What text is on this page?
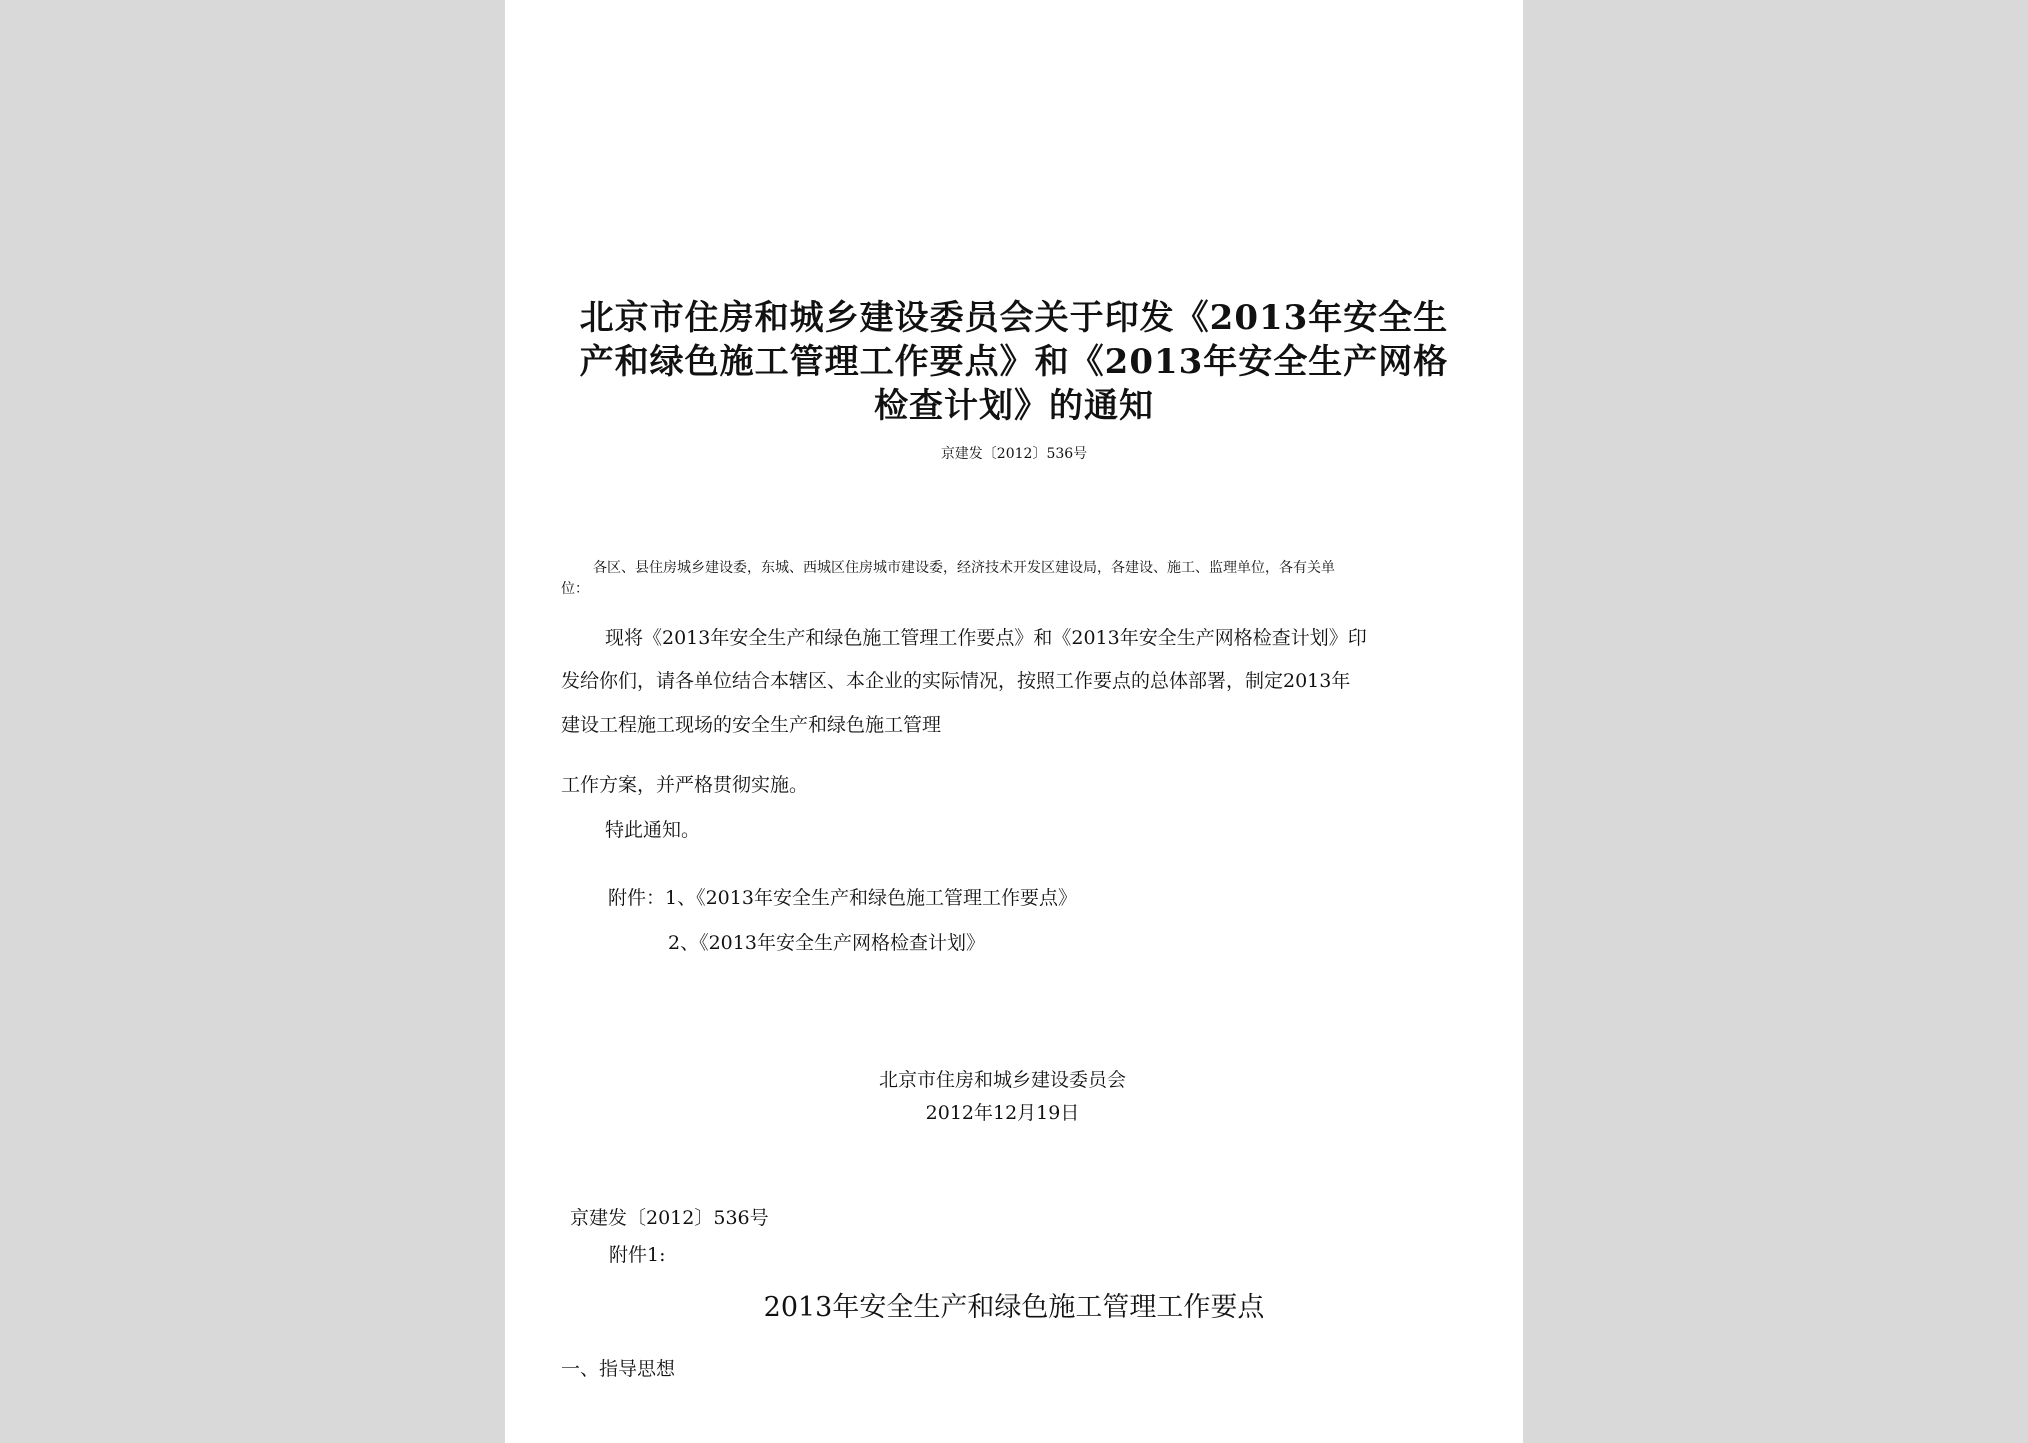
北京市住房和城乡建设委员会关于印发《2013年安全生
产和绿色施工管理工作要点》和《2013年安全生产网格
检查计划》的通知
京建发〔2012〕536号
各区、县住房城乡建设委，东城、西城区住房城市建设委，经济技术开发区建设局，各建设、施工、监理单位，各有关单
位：
现将《2013年安全生产和绿色施工管理工作要点》和《2013年安全生产网格检查计划》印
发给你们，请各单位结合本辖区、本企业的实际情况，按照工作要点的总体部署，制定2013年
建设工程施工现场的安全生产和绿色施工管理
工作方案，并严格贯彻实施。
特此通知。
附件：1、《2013年安全生产和绿色施工管理工作要点》
2、《2013年安全生产网格检查计划》
北京市住房和城乡建设委员会
2012年12月19日
京建发〔2012〕536号
附件1:
2013年安全生产和绿色施工管理工作要点
一、指导思想
